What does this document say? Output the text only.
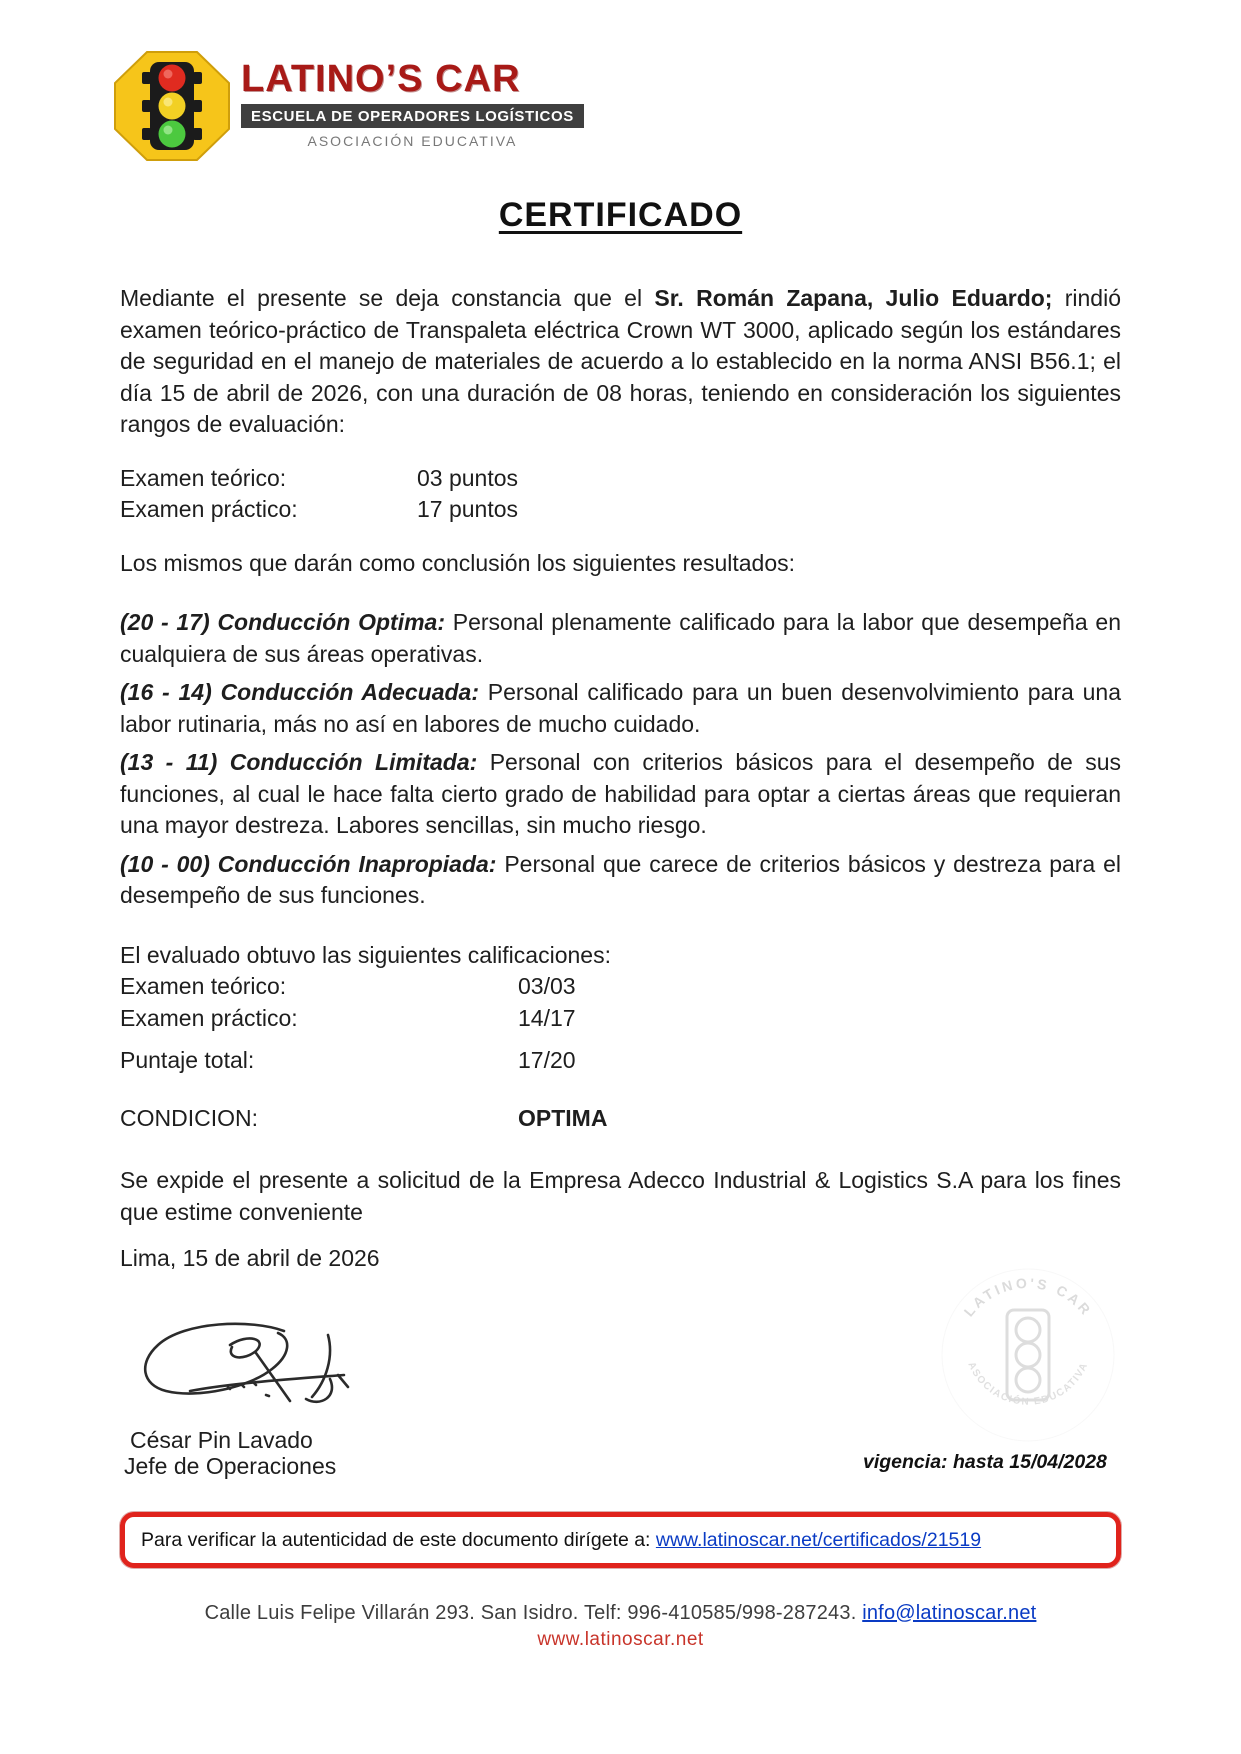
LATINO’S CAR
ESCUELA DE OPERADORES LOGÍSTICOS
ASOCIACIÓN EDUCATIVA
LATINO'S CAR
ASOCIACIÓN EDUCATIVA
vigencia: hasta 15/04/2028
CERTIFICADO

Mediante el presente se deja constancia que el Sr. Román Zapana, Julio Eduardo; rindió examen teórico-práctico de Transpaleta eléctrica Crown WT 3000, aplicado según los estándares de seguridad en el manejo de materiales de acuerdo a lo establecido en la norma ANSI B56.1; el día 15 de abril de 2026, con una duración de 08 horas, teniendo en consideración los siguientes rangos de evaluación:

Examen teórico:	03 puntos
Examen práctico:	17 puntos

Los mismos que darán como conclusión los siguientes resultados:

(20 - 17) Conducción Optima: Personal plenamente calificado para la labor que desempeña en cualquiera de sus áreas operativas.

(16 - 14) Conducción Adecuada: Personal calificado para un buen desenvolvimiento para una labor rutinaria, más no así en labores de mucho cuidado.

(13 - 11) Conducción Limitada: Personal con criterios básicos para el desempeño de sus funciones, al cual le hace falta cierto grado de habilidad para optar a ciertas áreas que requieran una mayor destreza. Labores sencillas, sin mucho riesgo.

(10 - 00) Conducción Inapropiada: Personal que carece de criterios básicos y destreza para el desempeño de sus funciones.

El evaluado obtuvo las siguientes calificaciones:
Examen teórico:	03/03
Examen práctico:	14/17
Puntaje total:	17/20
CONDICION:	OPTIMA

Se expide el presente a solicitud de la Empresa Adecco Industrial & Logistics S.A para los fines que estime conveniente

Lima, 15 de abril de 2026

César Pin Lavado
Jefe de Operaciones
Para verificar la autenticidad de este documento dirígete a: www.latinoscar.net/certificados/21519
Calle Luis Felipe Villarán 293. San Isidro. Telf: 996-410585/998-287243. info@latinoscar.net
www.latinoscar.net
